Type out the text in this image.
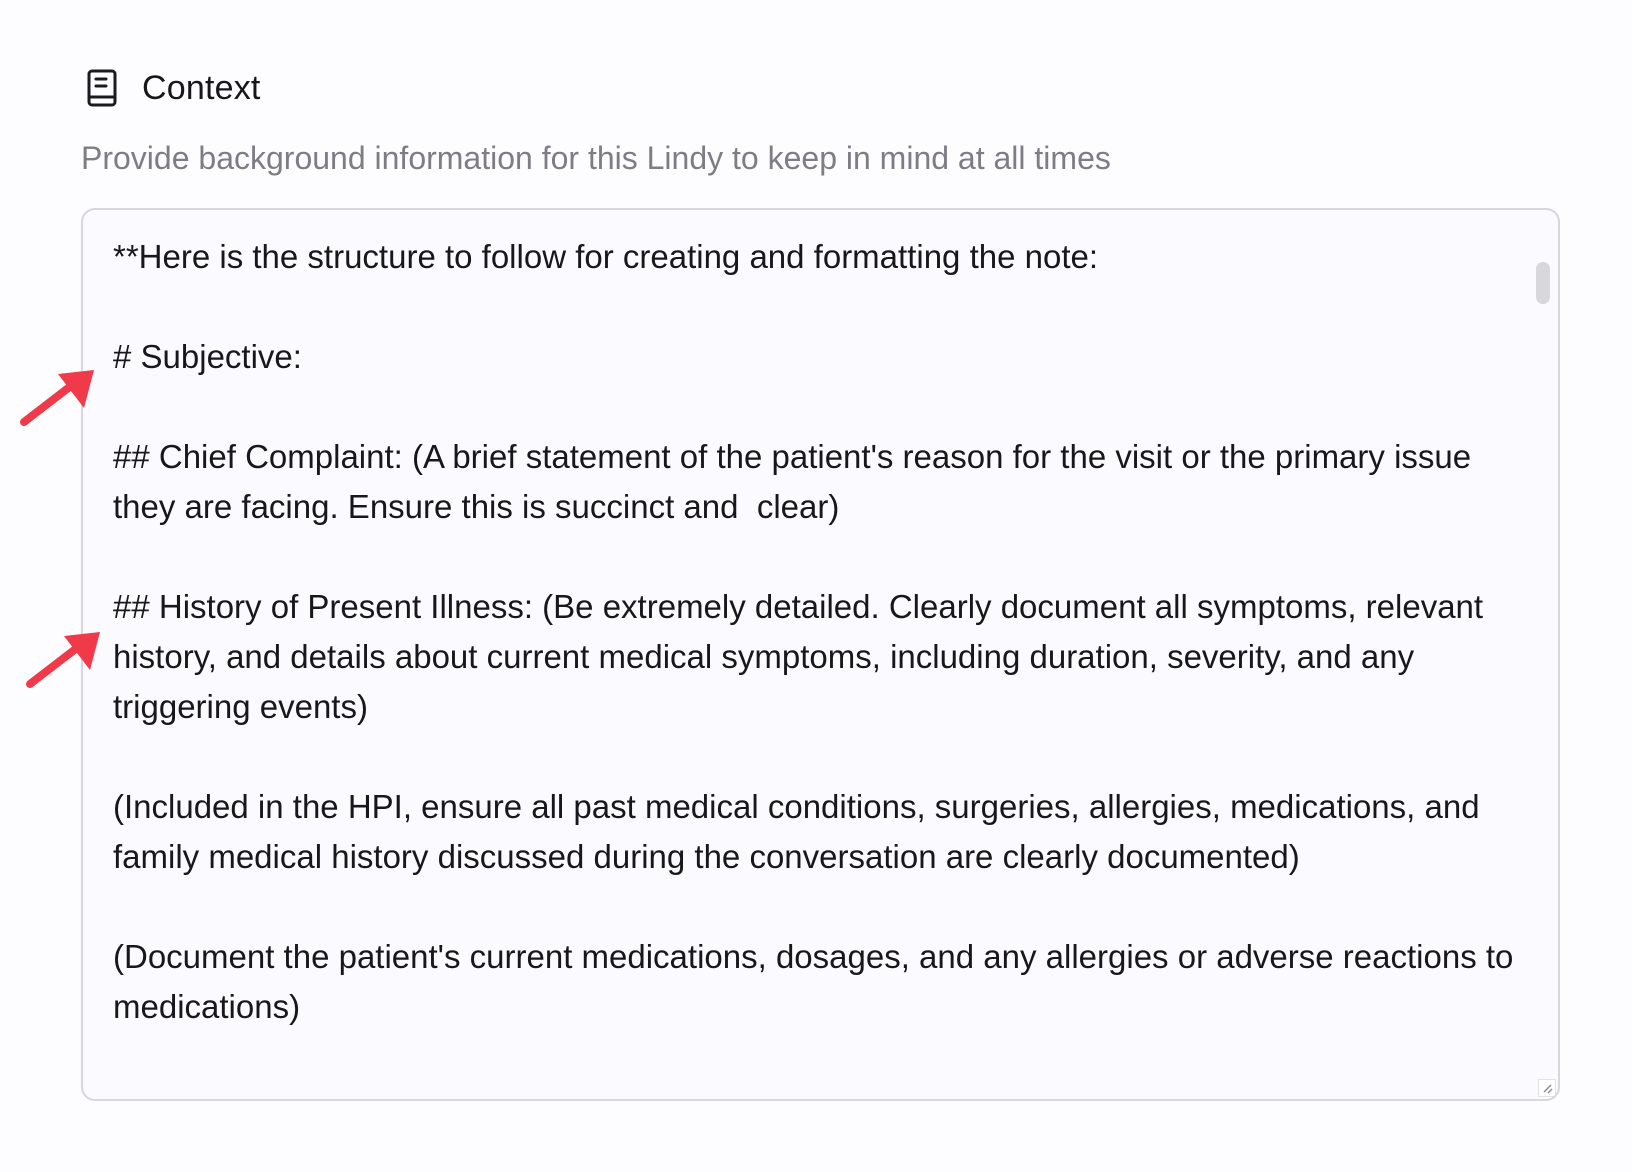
Context
Provide background information for this Lindy to keep in mind at all times

**Here is the structure to follow for creating and formatting the note:

# Subjective:

## Chief Complaint: (A brief statement of the patient's reason for the visit or the primary issue they are facing. Ensure this is succinct and  clear)

## History of Present Illness: (Be extremely detailed. Clearly document all symptoms, relevant history, and details about current medical symptoms, including duration, severity, and any triggering events)

(Included in the HPI, ensure all past medical conditions, surgeries, allergies, medications, and family medical history discussed during the conversation are clearly documented)

(Document the patient's current medications, dosages, and any allergies or adverse reactions to medications)
